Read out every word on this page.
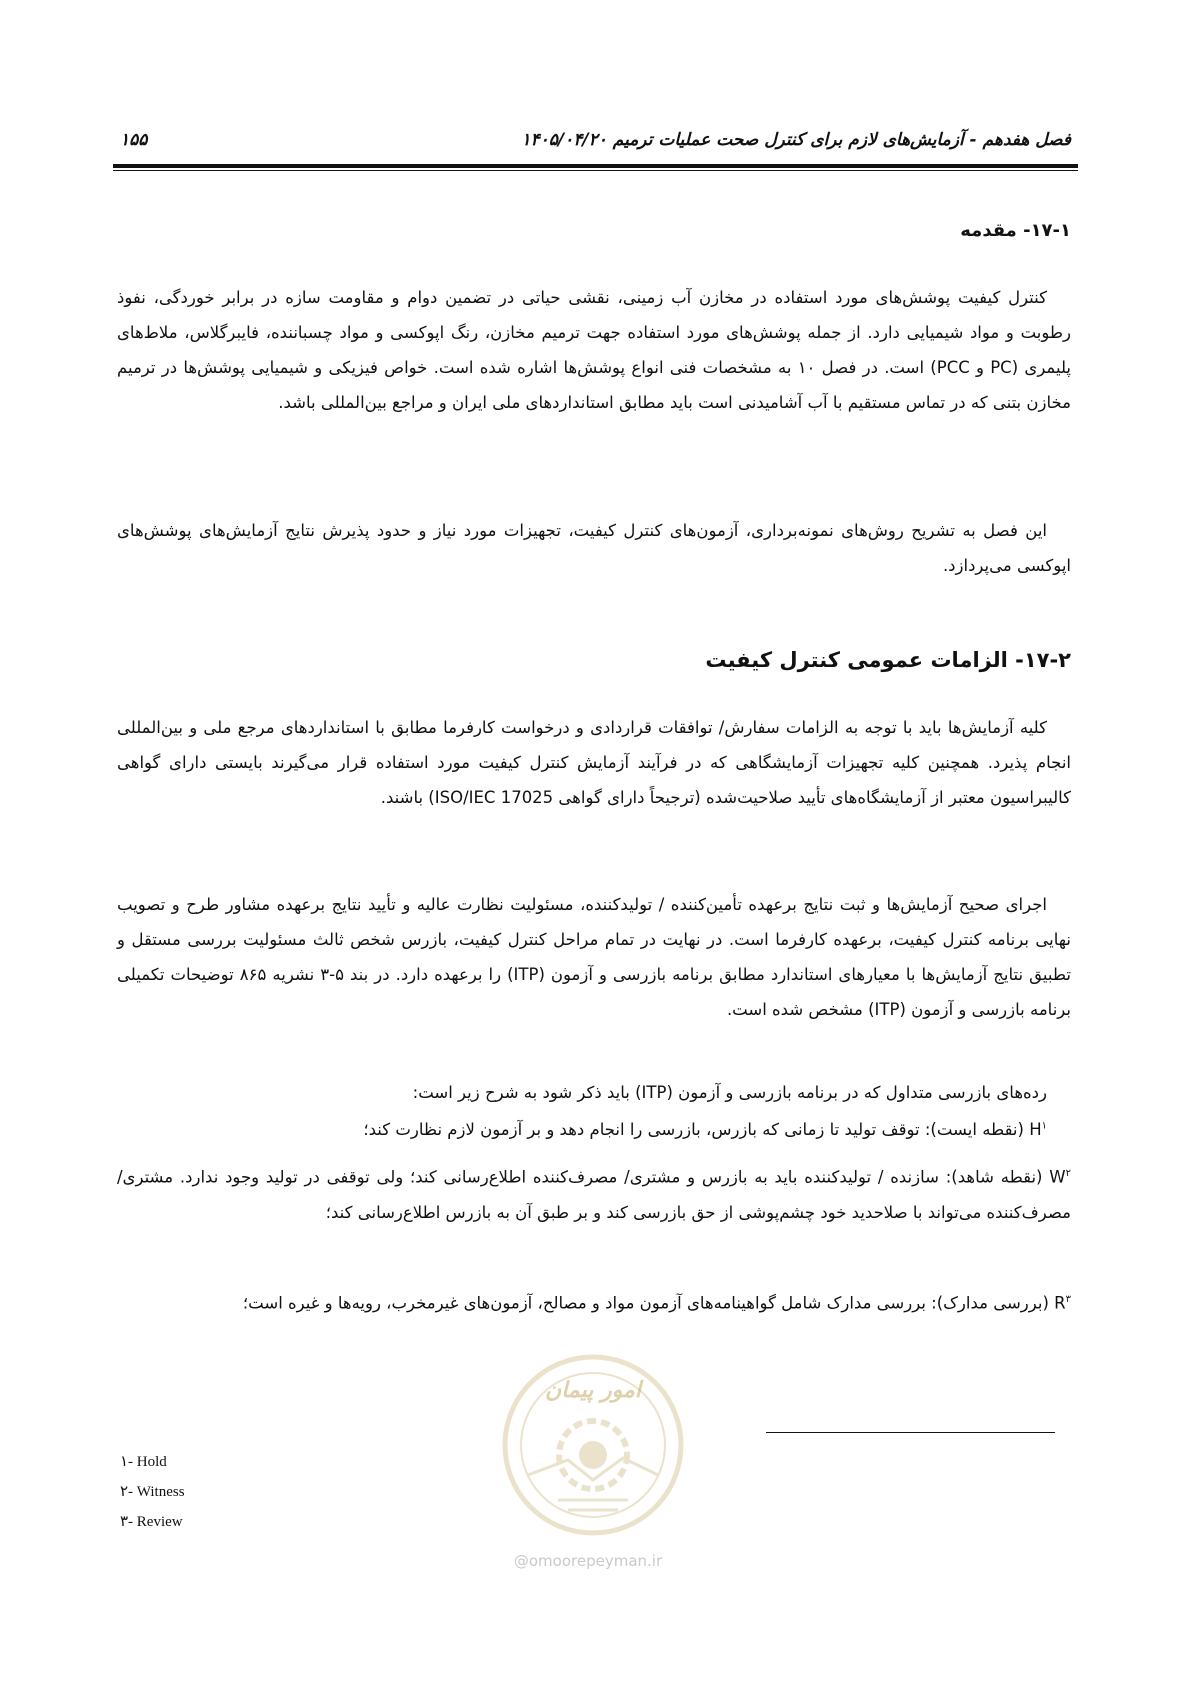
فصل هفدهم - آزمایش‌های لازم برای کنترل صحت عملیات ترمیم ۱۴۰۵/۰۴/۲۰
۱۵۵
۱۷-۱- مقدمه
کنترل کیفیت پوشش‌های مورد استفاده در مخازن آب زمینی، نقشی حیاتی در تضمین دوام و مقاومت سازه در برابر خوردگی، نفوذ رطوبت و مواد شیمیایی دارد. از جمله پوشش‌های مورد استفاده جهت ترمیم مخازن، رنگ اپوکسی و مواد چسباننده، فایبرگلاس، ملاط‌های پلیمری (PC و PCC) است. در فصل ۱۰ به مشخصات فنی انواع پوشش‌ها اشاره شده است. خواص فیزیکی و شیمیایی پوشش‌ها در ترمیم مخازن بتنی که در تماس مستقیم با آب آشامیدنی است باید مطابق استانداردهای ملی ایران و مراجع بین‌المللی باشد.
این فصل به تشریح روش‌های نمونه‌برداری، آزمون‌های کنترل کیفیت، تجهیزات مورد نیاز و حدود پذیرش نتایج آزمایش‌های پوشش‌های اپوکسی می‌پردازد.
۱۷-۲- الزامات عمومی کنترل کیفیت
کلیه آزمایش‌ها باید با توجه به الزامات سفارش/ توافقات قراردادی و درخواست کارفرما مطابق با استانداردهای مرجع ملی و بین‌المللی انجام پذیرد. همچنین کلیه تجهیزات آزمایشگاهی که در فرآیند آزمایش کنترل کیفیت مورد استفاده قرار می‌گیرند بایستی دارای گواهی کالیبراسیون معتبر از آزمایشگاه‌های تأیید صلاحیت‌شده (ترجیحاً دارای گواهی ISO/IEC 17025) باشند.
اجرای صحیح آزمایش‌ها و ثبت نتایج برعهده تأمین‌کننده / تولیدکننده، مسئولیت نظارت عالیه و تأیید نتایج برعهده مشاور طرح و تصویب نهایی برنامه کنترل کیفیت، برعهده کارفرما است. در نهایت در تمام مراحل کنترل کیفیت، بازرس شخص ثالث مسئولیت بررسی مستقل و تطبیق نتایج آزمایش‌ها با معیارهای استاندارد مطابق برنامه بازرسی و آزمون (ITP) را برعهده دارد. در بند ۵-۳ نشریه ۸۶۵ توضیحات تکمیلی برنامه بازرسی و آزمون (ITP) مشخص شده است.
رده‌های بازرسی متداول که در برنامه بازرسی و آزمون (ITP) باید ذکر شود به شرح زیر است:
$H^۱$ (نقطه ایست): توقف تولید تا زمانی که بازرس، بازرسی را انجام دهد و بر آزمون لازم نظارت کند؛
$W^۲$ (نقطه شاهد): سازنده / تولیدکننده باید به بازرس و مشتری/ مصرف‌کننده اطلاع‌رسانی کند؛ ولی توقفی در تولید وجود ندارد. مشتری/ مصرف‌کننده می‌تواند با صلاحدید خود چشم‌پوشی از حق بازرسی کند و بر طبق آن به بازرس اطلاع‌رسانی کند؛
$R^۳$ (بررسی مدارک): بررسی مدارک شامل گواهینامه‌های آزمون مواد و مصالح، آزمون‌های غیرمخرب، رویه‌ها و غیره است؛
امور پیمان
@omoorepeyman.ir
۱- Hold
۲- Witness
۳- Review
